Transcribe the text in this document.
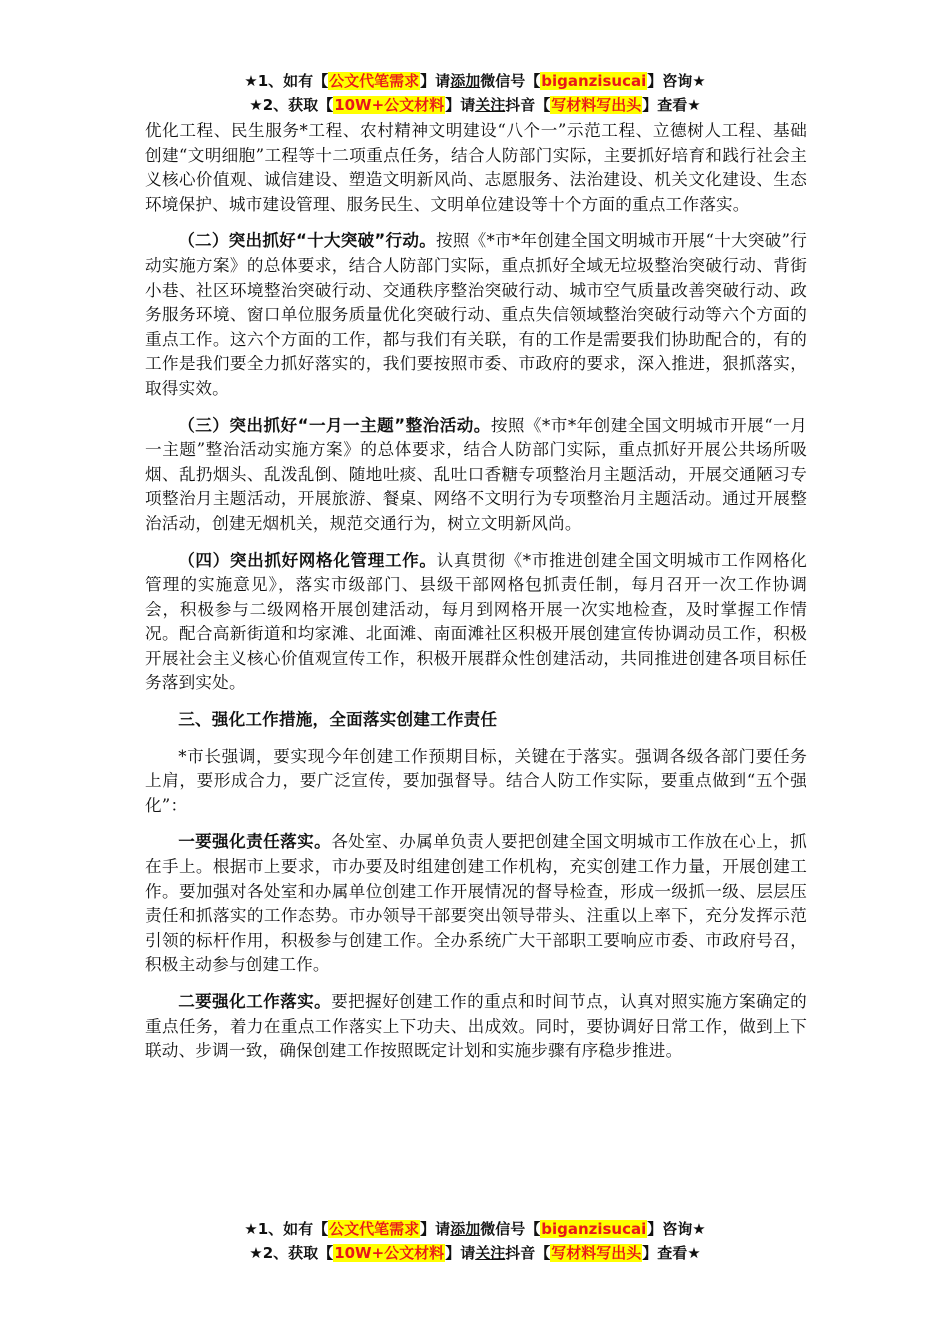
★1、如有【公文代笔需求】请添加微信号【biganzisucai】咨询★
★2、获取【10W+公文材料】请关注抖音【写材料写出头】查看★

优化工程、民生服务*工程、农村精神文明建设“八个一”示范工程、立德树人工程、基础创建“文明细胞”工程等十二项重点任务，结合人防部门实际，主要抓好培育和践行社会主义核心价值观、诚信建设、塑造文明新风尚、志愿服务、法治建设、机关文化建设、生态环境保护、城市建设管理、服务民生、文明单位建设等十个方面的重点工作落实。

（二）突出抓好“十大突破”行动。按照《*市*年创建全国文明城市开展“十大突破”行动实施方案》的总体要求，结合人防部门实际，重点抓好全域无垃圾整治突破行动、背街小巷、社区环境整治突破行动、交通秩序整治突破行动、城市空气质量改善突破行动、政务服务环境、窗口单位服务质量优化突破行动、重点失信领域整治突破行动等六个方面的重点工作。这六个方面的工作，都与我们有关联，有的工作是需要我们协助配合的，有的工作是我们要全力抓好落实的，我们要按照市委、市政府的要求，深入推进，狠抓落实，取得实效。

（三）突出抓好“一月一主题”整治活动。按照《*市*年创建全国文明城市开展“一月一主题”整治活动实施方案》的总体要求，结合人防部门实际，重点抓好开展公共场所吸烟、乱扔烟头、乱泼乱倒、随地吐痰、乱吐口香糖专项整治月主题活动，开展交通陋习专项整治月主题活动，开展旅游、餐桌、网络不文明行为专项整治月主题活动。通过开展整治活动，创建无烟机关，规范交通行为，树立文明新风尚。

（四）突出抓好网格化管理工作。认真贯彻《*市推进创建全国文明城市工作网格化管理的实施意见》，落实市级部门、县级干部网格包抓责任制，每月召开一次工作协调会，积极参与二级网格开展创建活动，每月到网格开展一次实地检查，及时掌握工作情况。配合高新街道和均家滩、北面滩、南面滩社区积极开展创建宣传协调动员工作，积极开展社会主义核心价值观宣传工作，积极开展群众性创建活动，共同推进创建各项目标任务落到实处。

三、强化工作措施，全面落实创建工作责任

*市长强调，要实现今年创建工作预期目标，关键在于落实。强调各级各部门要任务上肩，要形成合力，要广泛宣传，要加强督导。结合人防工作实际，要重点做到“五个强化”：

一要强化责任落实。各处室、办属单负责人要把创建全国文明城市工作放在心上，抓在手上。根据市上要求，市办要及时组建创建工作机构，充实创建工作力量，开展创建工作。要加强对各处室和办属单位创建工作开展情况的督导检查，形成一级抓一级、层层压责任和抓落实的工作态势。市办领导干部要突出领导带头、注重以上率下，充分发挥示范引领的标杆作用，积极参与创建工作。全办系统广大干部职工要响应市委、市政府号召，积极主动参与创建工作。

二要强化工作落实。要把握好创建工作的重点和时间节点，认真对照实施方案确定的重点任务，着力在重点工作落实上下功夫、出成效。同时，要协调好日常工作，做到上下联动、步调一致，确保创建工作按照既定计划和实施步骤有序稳步推进。

★1、如有【公文代笔需求】请添加微信号【biganzisucai】咨询★
★2、获取【10W+公文材料】请关注抖音【写材料写出头】查看★
